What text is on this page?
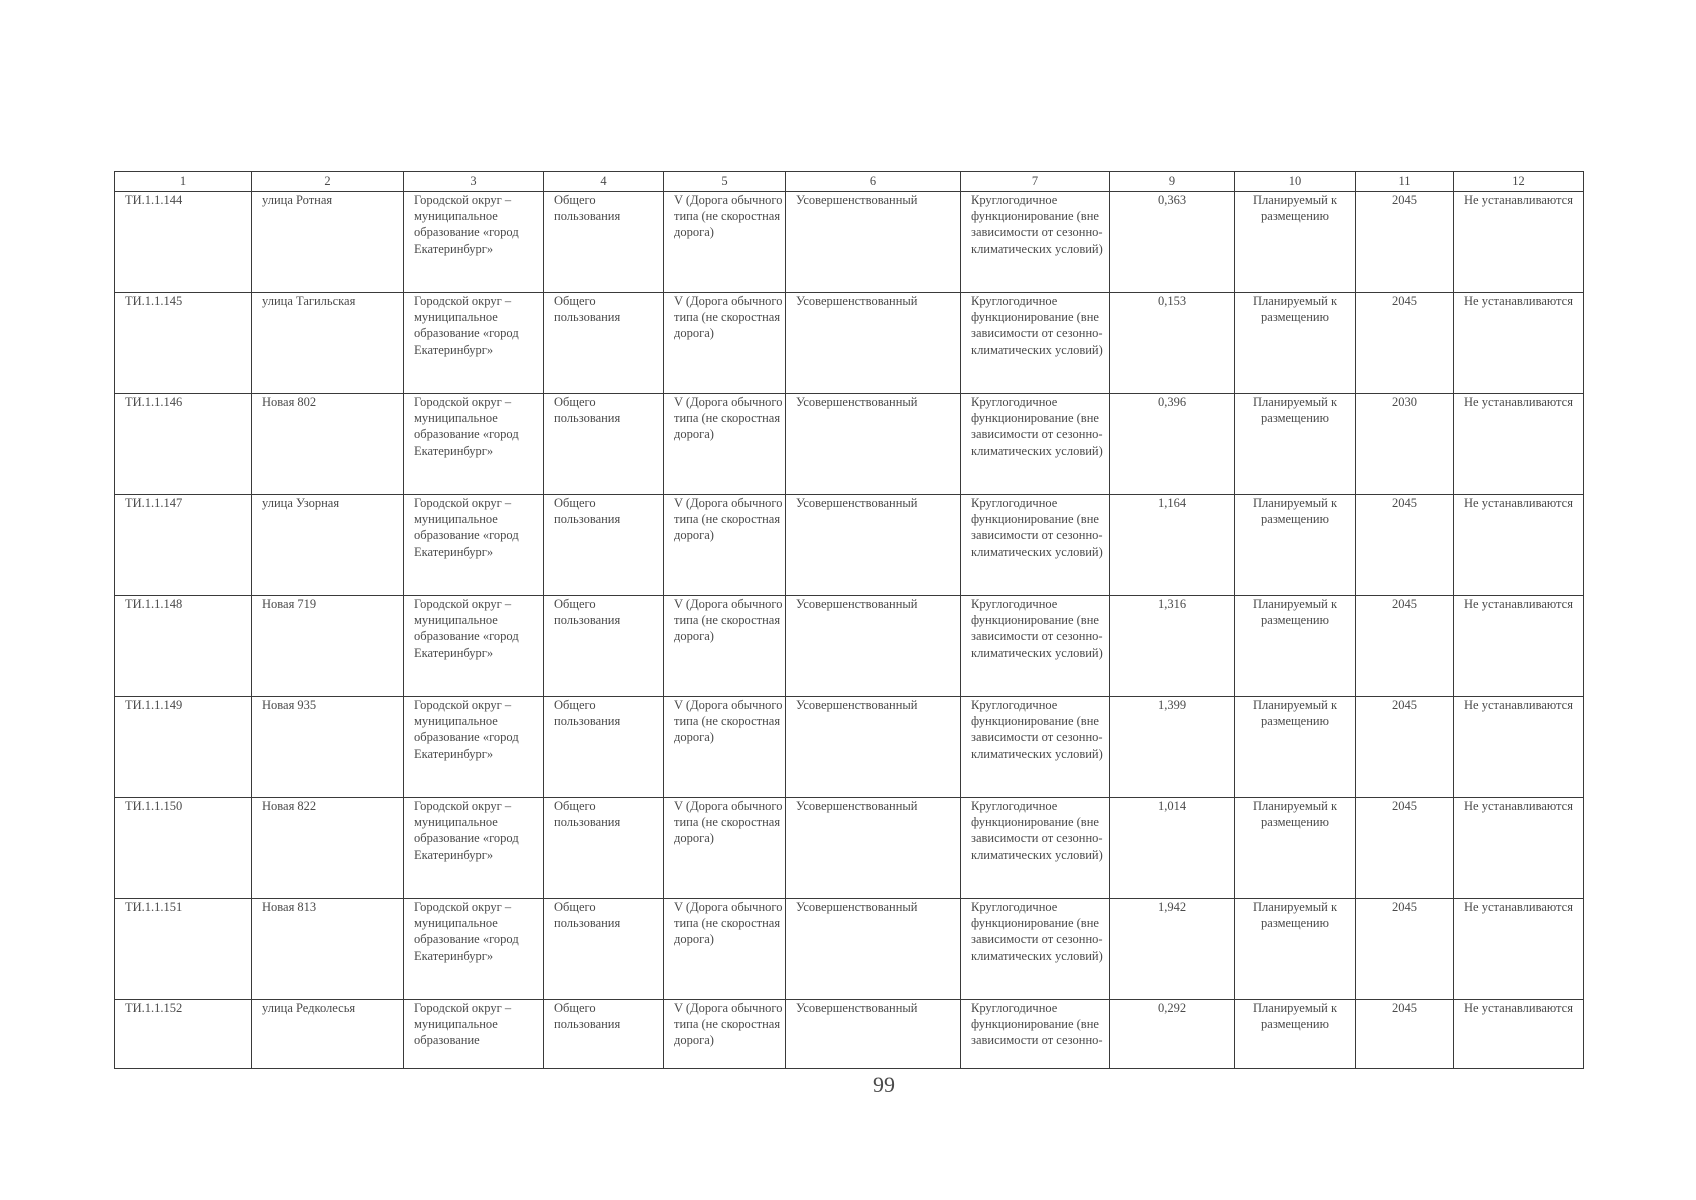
1	2	3	4	5	6	7	9	10	11	12

ТИ.1.1.144	улица Ротная	Городской округ – муниципальное образование «город Екатеринбург»	Общего пользования	V (Дорога обычного типа (не скоростная дорога)	Усовершенствованный	Круглогодичное функционирование (вне зависимости от сезонно-климатических условий)	0,363	Планируемый к размещению	2045	Не устанавливаются

ТИ.1.1.145	улица Тагильская	Городской округ – муниципальное образование «город Екатеринбург»	Общего пользования	V (Дорога обычного типа (не скоростная дорога)	Усовершенствованный	Круглогодичное функционирование (вне зависимости от сезонно-климатических условий)	0,153	Планируемый к размещению	2045	Не устанавливаются

ТИ.1.1.146	Новая 802	Городской округ – муниципальное образование «город Екатеринбург»	Общего пользования	V (Дорога обычного типа (не скоростная дорога)	Усовершенствованный	Круглогодичное функционирование (вне зависимости от сезонно-климатических условий)	0,396	Планируемый к размещению	2030	Не устанавливаются

ТИ.1.1.147	улица Узорная	Городской округ – муниципальное образование «город Екатеринбург»	Общего пользования	V (Дорога обычного типа (не скоростная дорога)	Усовершенствованный	Круглогодичное функционирование (вне зависимости от сезонно-климатических условий)	1,164	Планируемый к размещению	2045	Не устанавливаются

ТИ.1.1.148	Новая 719	Городской округ – муниципальное образование «город Екатеринбург»	Общего пользования	V (Дорога обычного типа (не скоростная дорога)	Усовершенствованный	Круглогодичное функционирование (вне зависимости от сезонно-климатических условий)	1,316	Планируемый к размещению	2045	Не устанавливаются

ТИ.1.1.149	Новая 935	Городской округ – муниципальное образование «город Екатеринбург»	Общего пользования	V (Дорога обычного типа (не скоростная дорога)	Усовершенствованный	Круглогодичное функционирование (вне зависимости от сезонно-климатических условий)	1,399	Планируемый к размещению	2045	Не устанавливаются

ТИ.1.1.150	Новая 822	Городской округ – муниципальное образование «город Екатеринбург»	Общего пользования	V (Дорога обычного типа (не скоростная дорога)	Усовершенствованный	Круглогодичное функционирование (вне зависимости от сезонно-климатических условий)	1,014	Планируемый к размещению	2045	Не устанавливаются

ТИ.1.1.151	Новая 813	Городской округ – муниципальное образование «город Екатеринбург»	Общего пользования	V (Дорога обычного типа (не скоростная дорога)	Усовершенствованный	Круглогодичное функционирование (вне зависимости от сезонно-климатических условий)	1,942	Планируемый к размещению	2045	Не устанавливаются

ТИ.1.1.152	улица Редколесья	Городской округ – муниципальное образование	Общего пользования	V (Дорога обычного типа (не скоростная дорога)	Усовершенствованный	Круглогодичное функционирование (вне зависимости от сезонно-	0,292	Планируемый к размещению	2045	Не устанавливаются
99
